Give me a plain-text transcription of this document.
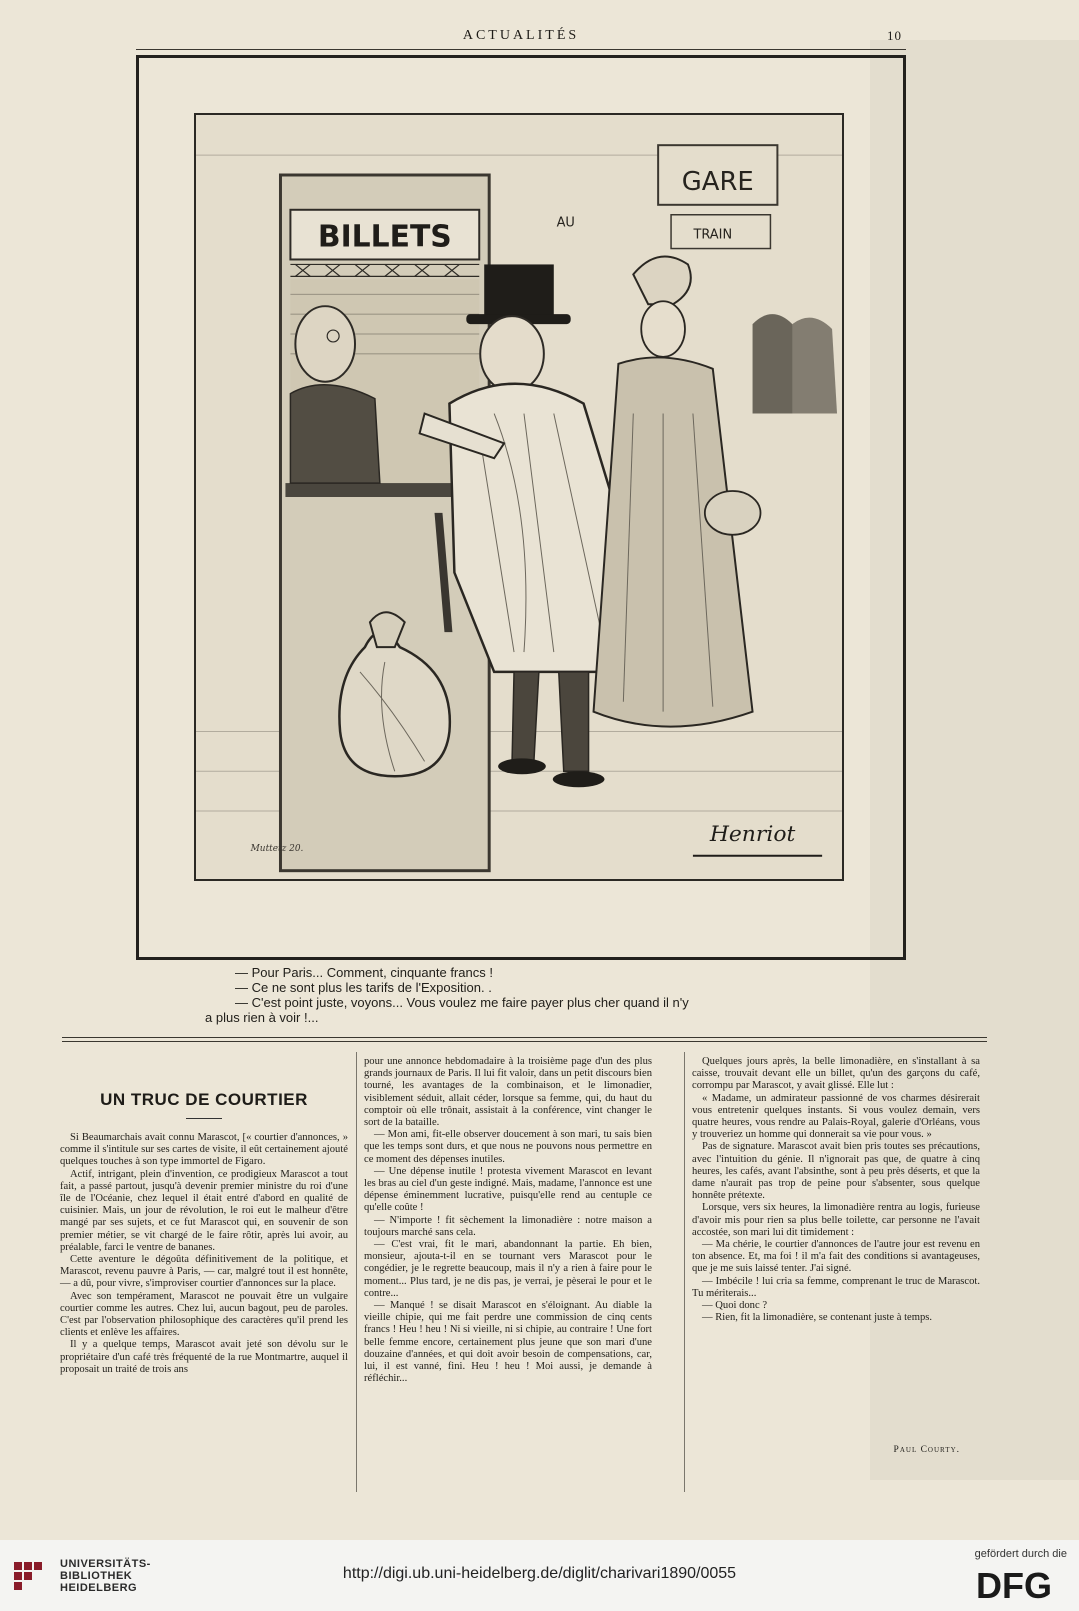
ACTUALITÉS	10
BILLETS
GARE
TRAIN
AU
Henriot
Muttetz 20.

— Pour Paris... Comment, cinquante francs !

— Ce ne sont plus les tarifs de l'Exposition. .

— C'est point juste, voyons... Vous voulez me faire payer plus cher quand il n'y

a plus rien à voir !...

UN TRUC DE COURTIER

Si Beaumarchais avait connu Marascot, [« courtier d'annonces, » comme il s'intitule sur ses cartes de visite, il eût certainement ajouté quelques touches à son type immortel de Figaro.

Actif, intrigant, plein d'invention, ce prodigieux Marascot a tout fait, a passé partout, jusqu'à devenir premier ministre du roi d'une île de l'Océanie, chez lequel il était entré d'abord en qualité de cuisinier. Mais, un jour de révolution, le roi eut le malheur d'être mangé par ses sujets, et ce fut Marascot qui, en souvenir de son premier métier, se vit chargé de le faire rôtir, après lui avoir, au préalable, farci le ventre de bananes.

Cette aventure le dégoûta définitivement de la politique, et Marascot, revenu pauvre à Paris, — car, malgré tout il est honnête, — a dû, pour vivre, s'improviser courtier d'annonces sur la place.

Avec son tempérament, Marascot ne pouvait être un vulgaire courtier comme les autres. Chez lui, aucun bagout, peu de paroles. C'est par l'observation philosophique des caractères qu'il prend les clients et enlève les affaires.

Il y a quelque temps, Marascot avait jeté son dévolu sur le propriétaire d'un café très fréquenté de la rue Montmartre, auquel il proposait un traité de trois ans

pour une annonce hebdomadaire à la troisième page d'un des plus grands journaux de Paris. Il lui fit valoir, dans un petit discours bien tourné, les avantages de la combinaison, et le limonadier, visiblement séduit, allait céder, lorsque sa femme, qui, du haut du comptoir où elle trônait, assistait à la conférence, vint changer le sort de la bataille.

— Mon ami, fit-elle observer doucement à son mari, tu sais bien que les temps sont durs, et que nous ne pouvons nous permettre en ce moment des dépenses inutiles.

— Une dépense inutile ! protesta vivement Marascot en levant les bras au ciel d'un geste indigné. Mais, madame, l'annonce est une dépense éminemment lucrative, puisqu'elle rend au centuple ce qu'elle coûte !

— N'importe ! fit sèchement la limonadière : notre maison a toujours marché sans cela.

— C'est vrai, fit le mari, abandonnant la partie. Eh bien, monsieur, ajouta-t-il en se tournant vers Marascot pour le congédier, je le regrette beaucoup, mais il n'y a rien à faire pour le moment... Plus tard, je ne dis pas, je verrai, je pèserai le pour et le contre...

— Manqué ! se disait Marascot en s'éloignant. Au diable la vieille chipie, qui me fait perdre une commission de cinq cents francs ! Heu ! heu ! Ni si vieille, ni si chipie, au contraire ! Une fort belle femme encore, certainement plus jeune que son mari d'une douzaine d'années, et qui doit avoir besoin de compensations, car, lui, il est vanné, fini. Heu ! heu ! Moi aussi, je demande à réfléchir...

Quelques jours après, la belle limonadière, en s'installant à sa caisse, trouvait devant elle un billet, qu'un des garçons du café, corrompu par Marascot, y avait glissé. Elle lut :

« Madame, un admirateur passionné de vos charmes désirerait vous entretenir quelques instants. Si vous voulez demain, vers quatre heures, vous rendre au Palais-Royal, galerie d'Orléans, vous y trouveriez un homme qui donnerait sa vie pour vous. »

Pas de signature. Marascot avait bien pris toutes ses précautions, avec l'intuition du génie. Il n'ignorait pas que, de quatre à cinq heures, les cafés, avant l'absinthe, sont à peu près déserts, et que la dame n'aurait pas trop de peine pour s'absenter, sous quelque honnête prétexte.

Lorsque, vers six heures, la limonadière rentra au logis, furieuse d'avoir mis pour rien sa plus belle toilette, car personne ne l'avait accostée, son mari lui dit timidement :

— Ma chérie, le courtier d'annonces de l'autre jour est revenu en ton absence. Et, ma foi ! il m'a fait des conditions si avantageuses, que je me suis laissé tenter. J'ai signé.

— Imbécile ! lui cria sa femme, comprenant le truc de Marascot. Tu mériterais...

— Quoi donc ?

— Rien, fit la limonadière, se contenant juste à temps.

Paul Courty.
UNIVERSITÄTS-
BIBLIOTHEK
HEIDELBERG
http://digi.ub.uni-heidelberg.de/diglit/charivari1890/0055
gefördert durch die
DFG
